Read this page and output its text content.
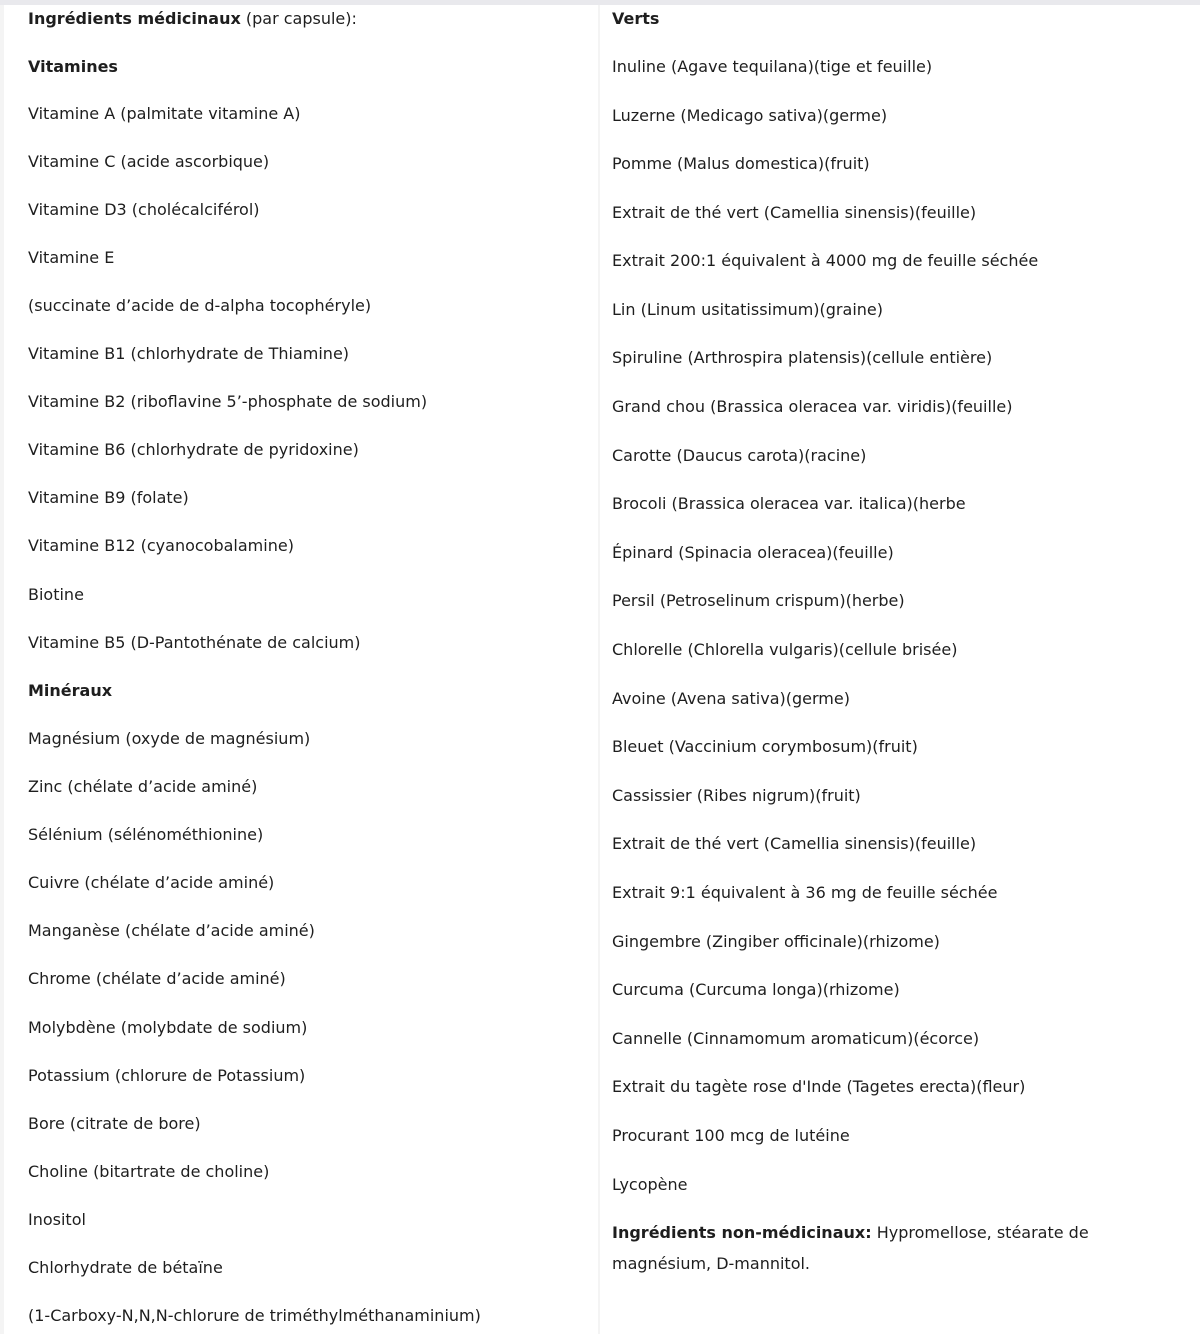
Ingrédients médicinaux (par capsule):
Vitamines
Vitamine A (palmitate vitamine A)
Vitamine C (acide ascorbique)
Vitamine D3 (cholécalciférol)
Vitamine E
(succinate d’acide de d-alpha tocophéryle)
Vitamine B1 (chlorhydrate de Thiamine)
Vitamine B2 (riboflavine 5’-phosphate de sodium)
Vitamine B6 (chlorhydrate de pyridoxine)
Vitamine B9 (folate)
Vitamine B12 (cyanocobalamine)
Biotine
Vitamine B5 (D-Pantothénate de calcium)
Minéraux
Magnésium (oxyde de magnésium)
Zinc (chélate d’acide aminé)
Sélénium (sélénométhionine)
Cuivre (chélate d’acide aminé)
Manganèse (chélate d’acide aminé)
Chrome (chélate d’acide aminé)
Molybdène (molybdate de sodium)
Potassium (chlorure de Potassium)
Bore (citrate de bore)
Choline (bitartrate de choline)
Inositol
Chlorhydrate de bétaïne
(1-Carboxy-N,N,N-chlorure de triméthylméthanaminium)
Verts
Inuline (Agave tequilana)(tige et feuille)
Luzerne (Medicago sativa)(germe)
Pomme (Malus domestica)(fruit)
Extrait de thé vert (Camellia sinensis)(feuille)
Extrait 200:1 équivalent à 4000 mg de feuille séchée
Lin (Linum usitatissimum)(graine)
Spiruline (Arthrospira platensis)(cellule entière)
Grand chou (Brassica oleracea var. viridis)(feuille)
Carotte (Daucus carota)(racine)
Brocoli (Brassica oleracea var. italica)(herbe
Épinard (Spinacia oleracea)(feuille)
Persil (Petroselinum crispum)(herbe)
Chlorelle (Chlorella vulgaris)(cellule brisée)
Avoine (Avena sativa)(germe)
Bleuet (Vaccinium corymbosum)(fruit)
Cassissier (Ribes nigrum)(fruit)
Extrait de thé vert (Camellia sinensis)(feuille)
Extrait 9:1 équivalent à 36 mg de feuille séchée
Gingembre (Zingiber officinale)(rhizome)
Curcuma (Curcuma longa)(rhizome)
Cannelle (Cinnamomum aromaticum)(écorce)
Extrait du tagète rose d'Inde (Tagetes erecta)(fleur)
Procurant 100 mcg de lutéine
Lycopène
Ingrédients non-médicinaux: Hypromellose, stéarate de magnésium, D-mannitol.
